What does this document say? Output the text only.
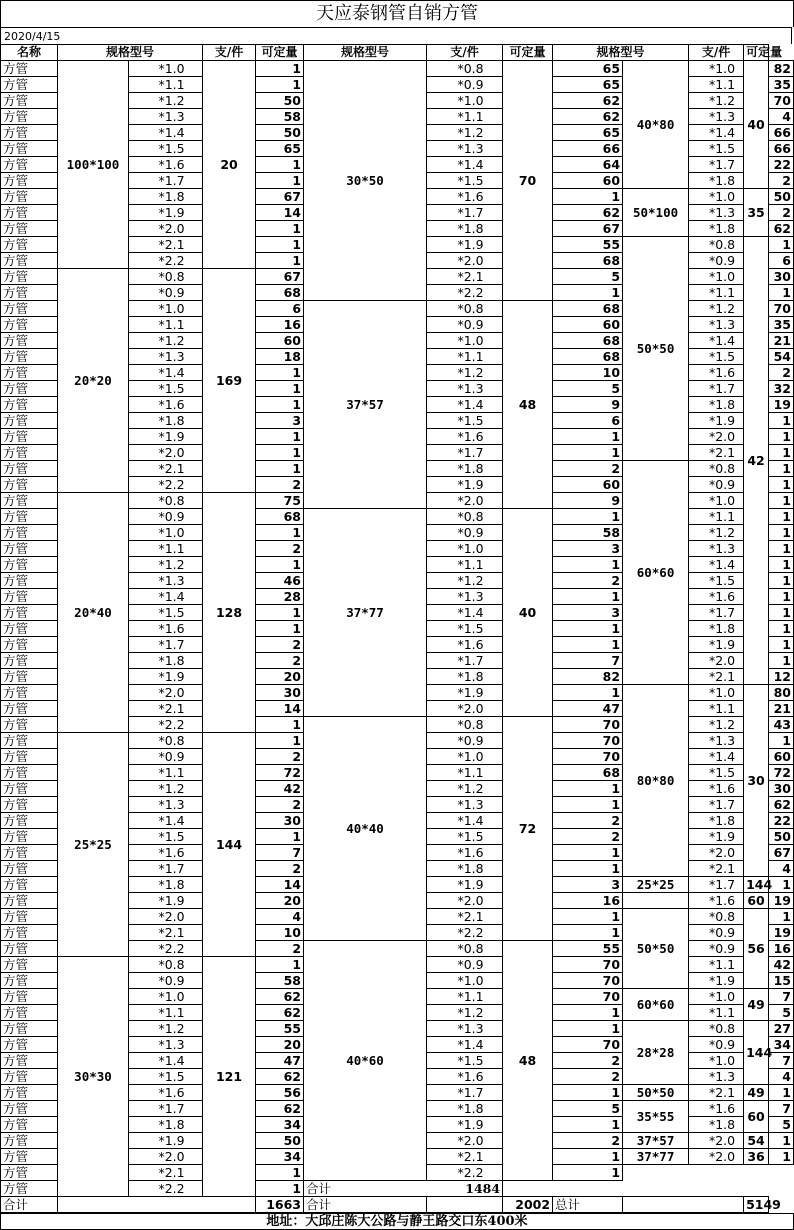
天应泰钢管自销方管
2020/4/15
名称	规格型号		支/件	可定量	规格型号	支/件	可定量	规格型号		支/件	可定量	
方管	100*100	*1.0	20	1	30*50	*0.8	70	65	40*80	*1.0	40	82
方管		*1.1		1		*0.9		65		*1.1		35
方管		*1.2		50		*1.0		62		*1.2		70
方管		*1.3		58		*1.1		62		*1.3		4
方管		*1.4		50		*1.2		65		*1.4		66
方管		*1.5		65		*1.3		66		*1.5		66
方管		*1.6		1		*1.4		64		*1.7		22
方管		*1.7		1		*1.5		60		*1.8		2
方管		*1.8		67		*1.6		1	50*100	*1.0	35	50
方管		*1.9		14		*1.7		62		*1.3		2
方管		*2.0		1		*1.8		67		*1.8		62
方管		*2.1		1		*1.9		55	50*50	*0.8	42	1
方管		*2.2		1		*2.0		68		*0.9		6
方管	20*20	*0.8	169	67		*2.1		5		*1.0		30
方管		*0.9		68		*2.2		1		*1.1		1
方管		*1.0		6	37*57	*0.8	48	68		*1.2		70
方管		*1.1		16		*0.9		60		*1.3		35
方管		*1.2		60		*1.0		68		*1.4		21
方管		*1.3		18		*1.1		68		*1.5		54
方管		*1.4		1		*1.2		10		*1.6		2
方管		*1.5		1		*1.3		5		*1.7		32
方管		*1.6		1		*1.4		9		*1.8		19
方管		*1.8		3		*1.5		6		*1.9		1
方管		*1.9		1		*1.6		1		*2.0		1
方管		*2.0		1		*1.7		1		*2.1		1
方管		*2.1		1		*1.8		2	60*60	*0.8		1
方管		*2.2		2		*1.9		60		*0.9		1
方管	20*40	*0.8	128	75		*2.0		9		*1.0		1
方管		*0.9		68	37*77	*0.8	40	1		*1.1		1
方管		*1.0		1		*0.9		58		*1.2		1
方管		*1.1		2		*1.0		3		*1.3		1
方管		*1.2		1		*1.1		1		*1.4		1
方管		*1.3		46		*1.2		2		*1.5		1
方管		*1.4		28		*1.3		1		*1.6		1
方管		*1.5		1		*1.4		3		*1.7		1
方管		*1.6		1		*1.5		1		*1.8		1
方管		*1.7		2		*1.6		1		*1.9		1
方管		*1.8		2		*1.7		7		*2.0		1
方管		*1.9		20		*1.8		82		*2.1		12
方管		*2.0		30		*1.9		1	80*80	*1.0	30	80
方管		*2.1		14		*2.0		47		*1.1		21
方管		*2.2		1	40*40	*0.8	72	70		*1.2		43
方管	25*25	*0.8	144	1		*0.9		70		*1.3		1
方管		*0.9		2		*1.0		70		*1.4		60
方管		*1.1		72		*1.1		68		*1.5		72
方管		*1.2		42		*1.2		1		*1.6		30
方管		*1.3		2		*1.3		1		*1.7		62
方管		*1.4		30		*1.4		2		*1.8		22
方管		*1.5		1		*1.5		2		*1.9		50
方管		*1.6		7		*1.6		1		*2.0		67
方管		*1.7		2		*1.8		1		*2.1		4
方管		*1.8		14		*1.9		3	25*25	*1.7	144	1
方管		*1.9		20		*2.0		16		*1.6	60	19
方管		*2.0		4		*2.1		1	50*50	*0.8	56	1
方管		*2.1		10		*2.2		1		*0.9		19
方管		*2.2		2	40*60	*0.8	48	55		*0.9		16
方管	30*30	*0.8	121	1		*0.9		70		*1.1		42
方管		*0.9		58		*1.0		70		*1.9		15
方管		*1.0		62		*1.1		70	60*60	*1.0	49	7
方管		*1.1		62		*1.2		1		*1.1		5
方管		*1.2		55		*1.3		1	28*28	*0.8	144	27
方管		*1.3		20		*1.4		70		*0.9		34
方管		*1.4		47		*1.5		2		*1.0		7
方管		*1.5		62		*1.6		2		*1.3		4
方管		*1.6		56		*1.7		1	50*50	*2.1	49	1
方管		*1.7		62		*1.8		5	35*55	*1.6	60	7
方管		*1.8		34		*1.9		1		*1.8		5
方管		*1.9		50		*2.0		2	37*57	*2.0	54	1
方管		*2.0		34		*2.1		1	37*77	*2.0	36	1
方管		*2.1		1		*2.2		1				
方管		*2.2		1	合计 1484							

合计				1663	合计		2002	总计			5149	
地址：大邱庄陈大公路与静王路交口东400米
